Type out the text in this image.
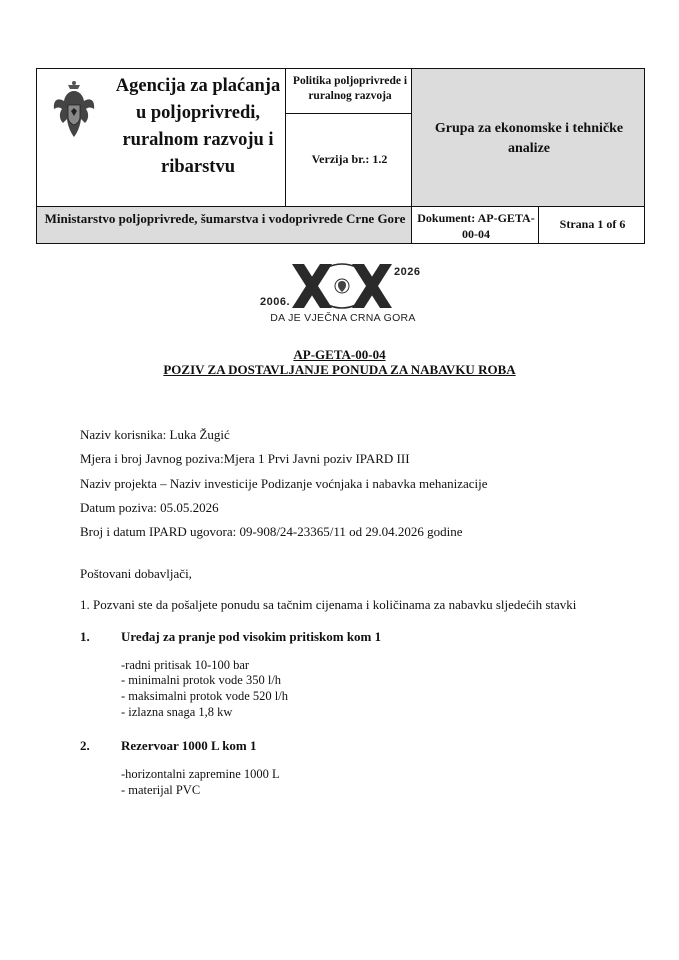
Agencija za plaćanja u poljoprivredi, ruralnom razvoju i ribarstvu
Politika poljoprivrede i ruralnog razvoja
Verzija br.: 1.2
Grupa za ekonomske i tehničke analize
Ministarstvo poljoprivrede, šumarstva i vodoprivrede Crne Gore Dokument: AP-GETA-00-04
Strana 1 of 6
2026
2006.
DA JE VJEČNA CRNA GORA
AP-GETA-00-04
POZIV ZA DOSTAVLJANJE PONUDA ZA NABAVKU ROBA
Naziv korisnika: Luka Žugić
Mjera i broj Javnog poziva:Mjera 1 Prvi Javni poziv IPARD III
Naziv projekta – Naziv investicije Podizanje voćnjaka i nabavka mehanizacije
Datum poziva: 05.05.2026
Broj i datum IPARD ugovora: 09-908/24-23365/11 od 29.04.2026 godine
Poštovani dobavljači,
1. Pozvani ste da pošaljete ponudu sa tačnim cijenama i količinama za nabavku sljedećih stavki
1. Uređaj za pranje pod visokim pritiskom kom 1
-radni pritisak 10-100 bar
- minimalni protok vode 350 l/h
- maksimalni protok vode 520 l/h
- izlazna snaga 1,8 kw
2. Rezervoar 1000 L kom 1
-horizontalni zapremine 1000 L
- materijal PVC
